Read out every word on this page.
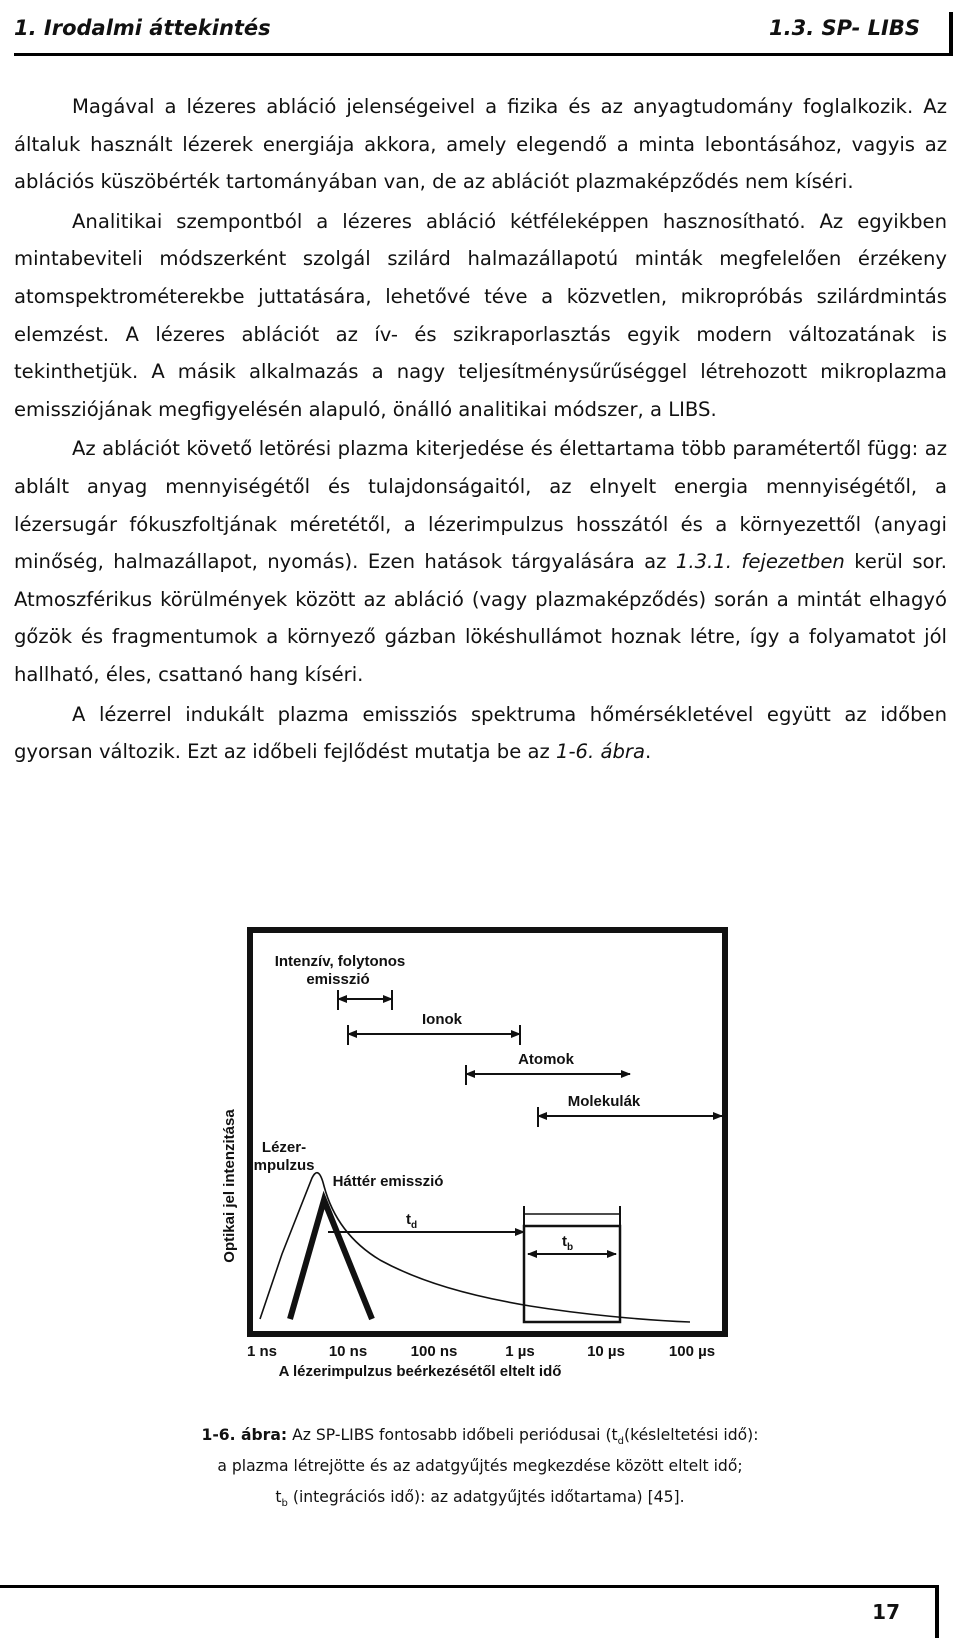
1. Irodalmi áttekintés	1.3. SP- LIBS

Magával a lézeres abláció jelenségeivel a fizika és az anyagtudomány foglalkozik. Az általuk használt lézerek energiája akkora, amely elegendő a minta lebontásához, vagyis az ablációs küszöbérték tartományában van, de az ablációt plazmaképződés nem kíséri.

Analitikai szempontból a lézeres abláció kétféleképpen hasznosítható. Az egyikben mintabeviteli módszerként szolgál szilárd halmazállapotú minták megfelelően érzékeny atomspektrométerekbe juttatására, lehetővé téve a közvetlen, mikropróbás szilárdmintás elemzést. A lézeres ablációt az ív- és szikraporlasztás egyik modern változatának is tekinthetjük. A másik alkalmazás a nagy teljesítménysűrűséggel létrehozott mikroplazma emissziójának megfigyelésén alapuló, önálló analitikai módszer, a LIBS.

Az ablációt követő letörési plazma kiterjedése és élettartama több paramétertől függ: az ablált anyag mennyiségétől és tulajdonságaitól, az elnyelt energia mennyiségétől, a lézersugár fókuszfoltjának méretétől, a lézerimpulzus hosszától és a környezettől (anyagi minőség, halmazállapot, nyomás). Ezen hatások tárgyalására az 1.3.1. fejezetben kerül sor. Atmoszférikus körülmények között az abláció (vagy plazmaképződés) során a mintát elhagyó gőzök és fragmentumok a környező gázban lökéshullámot hoznak létre, így a folyamatot jól hallható, éles, csattanó hang kíséri.

A lézerrel indukált plazma emissziós spektruma hőmérsékletével együtt az időben gyorsan változik. Ezt az időbeli fejlődést mutatja be az 1-6. ábra.

Optikai jel intenzitása
Intenzív, folytonos
emisszió
Ionok
Atomok
Molekulák
Lézer-
impulzus
Háttér emisszió
$t_d$
$t_b$
1 ns	10 ns	100 ns	1 µs	10 µs	100 µs
A lézerimpulzus beérkezésétől eltelt idő
1-6. ábra: Az SP-LIBS fontosabb időbeli periódusai ($t_d(késleltetési$ idő):
a plazma létrejötte és az adatgyűjtés megkezdése között eltelt idő;
$t_b$ (integrációs idő): az adatgyűjtés időtartama) [45].
17
